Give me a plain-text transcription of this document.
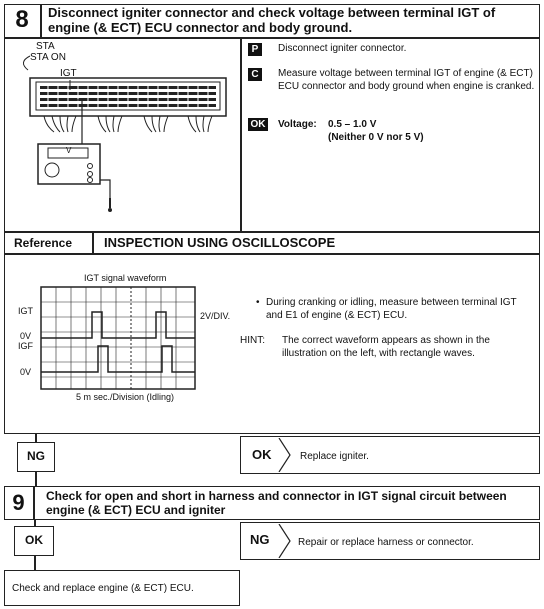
8	Disconnect igniter connector and check voltage between terminal IGT of engine (& ECT) ECU connector and body ground.
STA
STA ON
IGT
V
P	Disconnect igniter connector.
C	Measure voltage between terminal IGT of engine (& ECT) ECU connector and body ground when engine is cranked.
OK Voltage: 0.5 – 1.0 V
(Neither 0 V nor 5 V)
Reference INSPECTION USING OSCILLOSCOPE
IGT signal waveform
IGT
0V
IGF
0V
2V/DIV.
5 m sec./Division (Idling)
• During cranking or idling, measure between terminal IGT and E1 of engine (& ECT) ECU.
HINT: The correct waveform appears as shown in the illustration on the left, with rectangle waves.
NG	OK	Replace igniter.
9	Check for open and short in harness and connector in IGT signal circuit between engine (& ECT) ECU and igniter
OK	NG	Repair or replace harness or connector.
Check and replace engine (& ECT) ECU.
